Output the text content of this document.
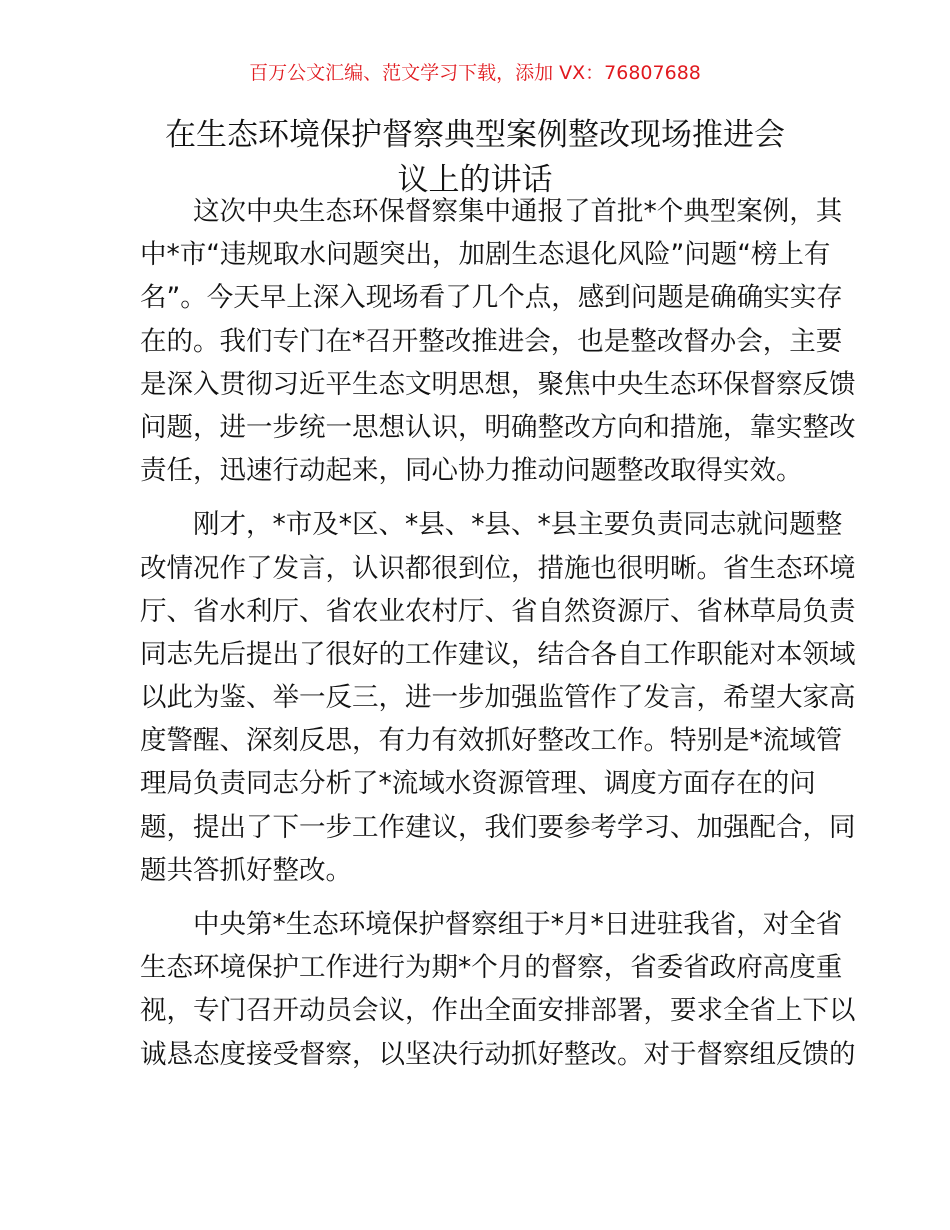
百万公文汇编、范文学习下载，添加 VX：76807688
在生态环境保护督察典型案例整改现场推进会
议上的讲话
这次中央生态环保督察集中通报了首批*个典型案例，其
中*市“违规取水问题突出，加剧生态退化风险”问题“榜上有
名”。今天早上深入现场看了几个点，感到问题是确确实实存
在的。我们专门在*召开整改推进会，也是整改督办会，主要
是深入贯彻习近平生态文明思想，聚焦中央生态环保督察反馈
问题，进一步统一思想认识，明确整改方向和措施，靠实整改
责任，迅速行动起来，同心协力推动问题整改取得实效。
刚才，*市及*区、*县、*县、*县主要负责同志就问题整
改情况作了发言，认识都很到位，措施也很明晰。省生态环境
厅、省水利厅、省农业农村厅、省自然资源厅、省林草局负责
同志先后提出了很好的工作建议，结合各自工作职能对本领域
以此为鉴、举一反三，进一步加强监管作了发言，希望大家高
度警醒、深刻反思，有力有效抓好整改工作。特别是*流域管
理局负责同志分析了*流域水资源管理、调度方面存在的问
题，提出了下一步工作建议，我们要参考学习、加强配合，同
题共答抓好整改。
中央第*生态环境保护督察组于*月*日进驻我省，对全省
生态环境保护工作进行为期*个月的督察，省委省政府高度重
视，专门召开动员会议，作出全面安排部署，要求全省上下以
诚恳态度接受督察，以坚决行动抓好整改。对于督察组反馈的
